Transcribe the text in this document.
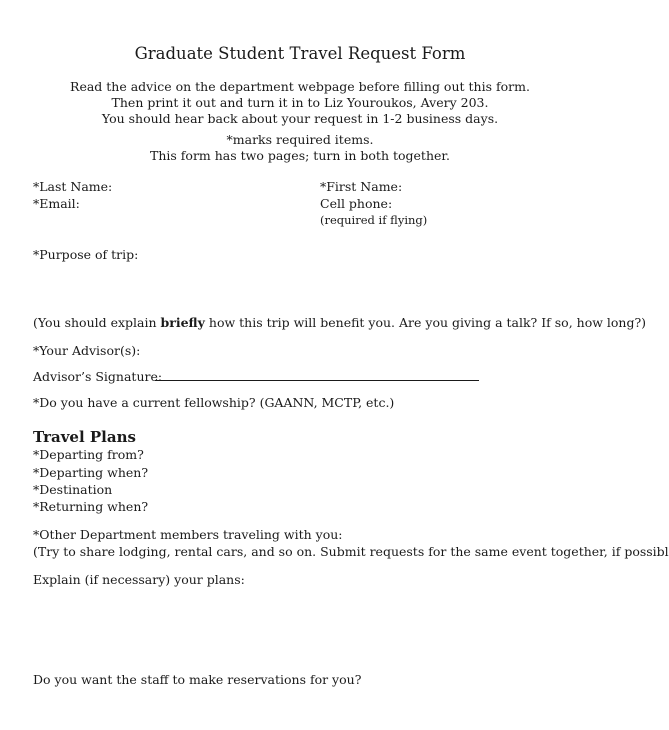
Graduate Student Travel Request Form
Read the advice on the department webpage before filling out this form.
Then print it out and turn it in to Liz Youroukos, Avery 203.
You should hear back about your request in 1-2 business days.
*marks required items.
This form has two pages; turn in both together.
*Last Name:	*First Name:
*Email:	Cell phone:
(required if flying)
*Purpose of trip:
(You should explain briefly how this trip will benefit you. Are you giving a talk? If so, how long?)
*Your Advisor(s):
Advisor’s Signature:
*Do you have a current fellowship? (GAANN, MCTP, etc.)
Travel Plans
*Departing from?
*Departing when?
*Destination
*Returning when?
*Other Department members traveling with you:
(Try to share lodging, rental cars, and so on. Submit requests for the same event together, if possibl
Explain (if necessary) your plans:
Do you want the staff to make reservations for you?
